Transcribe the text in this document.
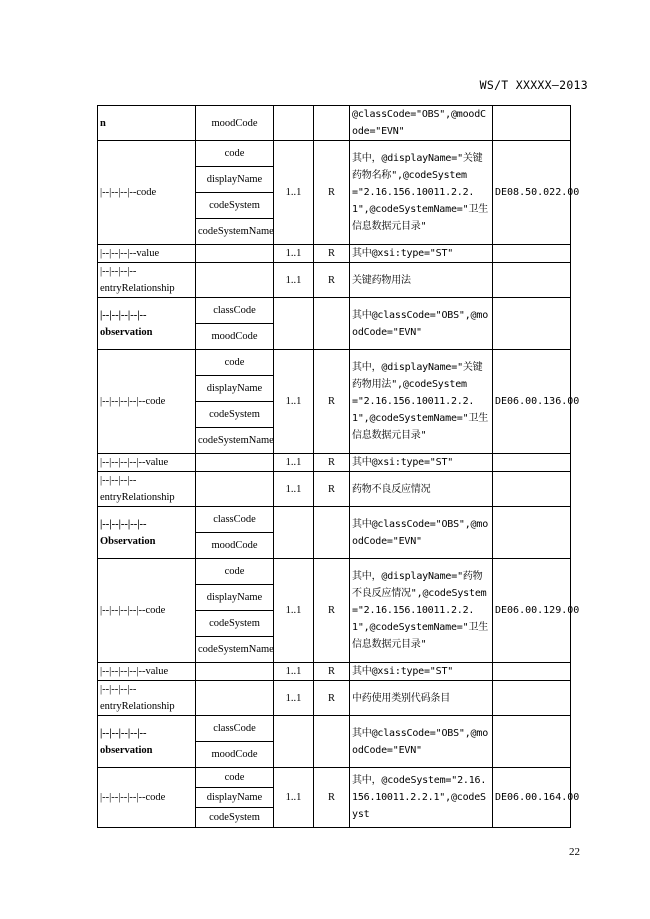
WS/T XXXXX—2013
n	moodCode			@classCode="OBS",@moodCode="EVN"	
|--|--|--|--code	code	1..1	R	其中，@displayName="关键药物名称",@codeSystem="2.16.156.10011.2.2.1",@codeSystemName="卫生信息数据元目录"	DE08.50.022.00
	displayName				
	codeSystem				
	codeSystemName				
|--|--|--|--value		1..1	R	其中@xsi:type="ST"	
|--|--|--|--entryRelationship		1..1	R	关键药物用法	
|--|--|--|--|--observation	classCode			其中@classCode="OBS",@moodCode="EVN"	
	moodCode				
|--|--|--|--|--code	code	1..1	R	其中，@displayName="关键药物用法",@codeSystem="2.16.156.10011.2.2.1",@codeSystemName="卫生信息数据元目录"	DE06.00.136.00
	displayName				
	codeSystem				
	codeSystemName				
|--|--|--|--|--value		1..1	R	其中@xsi:type="ST"	
|--|--|--|--entryRelationship		1..1	R	药物不良反应情况	
|--|--|--|--|--Observation	classCode			其中@classCode="OBS",@moodCode="EVN"	
	moodCode				
|--|--|--|--|--code	code	1..1	R	其中，@displayName="药物不良反应情况",@codeSystem="2.16.156.10011.2.2.1",@codeSystemName="卫生信息数据元目录"	DE06.00.129.00
	displayName				
	codeSystem				
	codeSystemName				
|--|--|--|--|--value		1..1	R	其中@xsi:type="ST"	
|--|--|--|--entryRelationship		1..1	R	中药使用类别代码条目	
|--|--|--|--|--observation	classCode			其中@classCode="OBS",@moodCode="EVN"	
	moodCode				
|--|--|--|--|--code	code	1..1	R	其中，@codeSystem="2.16.156.10011.2.2.1",@codeSyst	DE06.00.164.00
	displayName				
	codeSystem				
22
